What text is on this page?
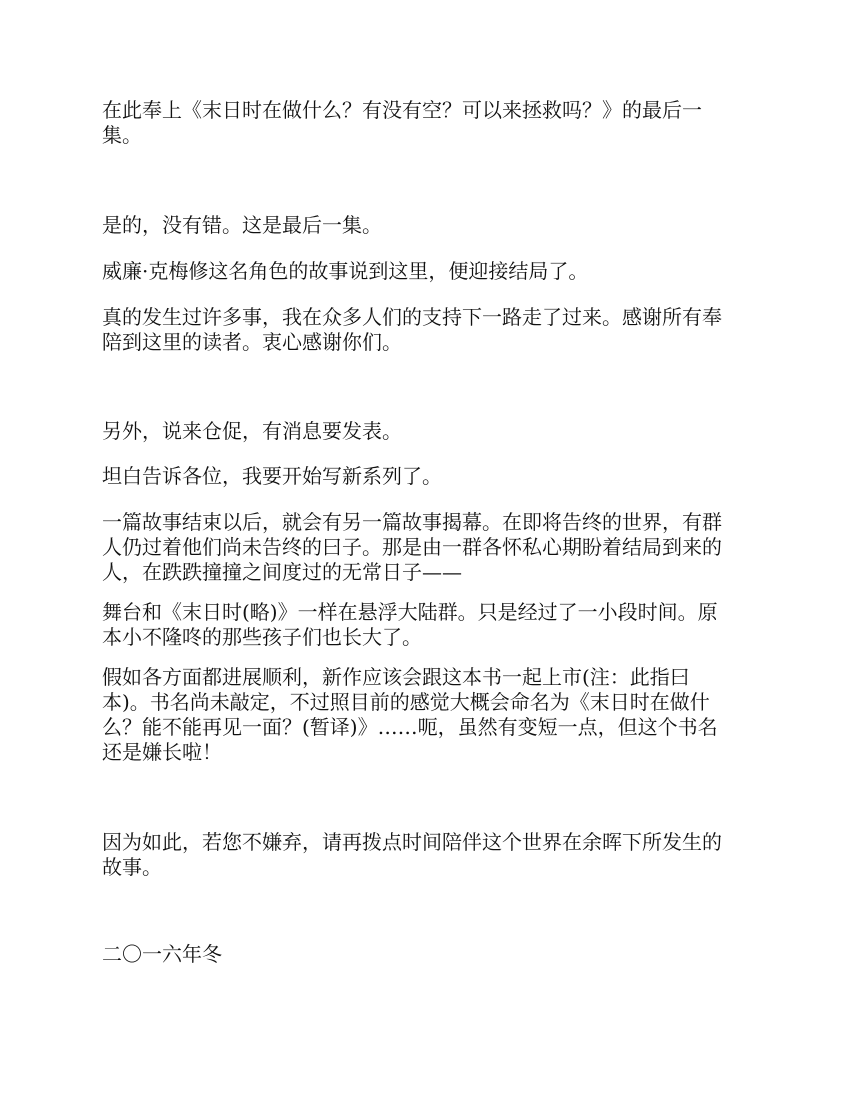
在此奉上《末日时在做什么？有没有空？可以来拯救吗？》的最后一
集。

是的，没有错。这是最后一集。

威廉·克梅修这名角色的故事说到这里，便迎接结局了。

真的发生过许多事，我在众多人们的支持下一路走了过来。感谢所有奉
陪到这里的读者。衷心感谢你们。

另外，说来仓促，有消息要发表。

坦白告诉各位，我要开始写新系列了。

一篇故事结束以后，就会有另一篇故事揭幕。在即将告终的世界，有群
人仍过着他们尚未告终的曰子。那是由一群各怀私心期盼着结局到来的
人，在跌跌撞撞之间度过的无常日子——

舞台和《末日时(略)》一样在悬浮大陆群。只是经过了一小段时间。原
本小不隆咚的那些孩子们也长大了。

假如各方面都进展顺利，新作应该会跟这本书一起上市(注：此指曰
本)。书名尚未敲定，不过照目前的感觉大概会命名为《末日时在做什
么？能不能再见一面？(暂译)》……呃，虽然有变短一点，但这个书名
还是嫌长啦！

因为如此，若您不嫌弃，请再拨点时间陪伴这个世界在余晖下所发生的
故事。

二〇一六年冬
